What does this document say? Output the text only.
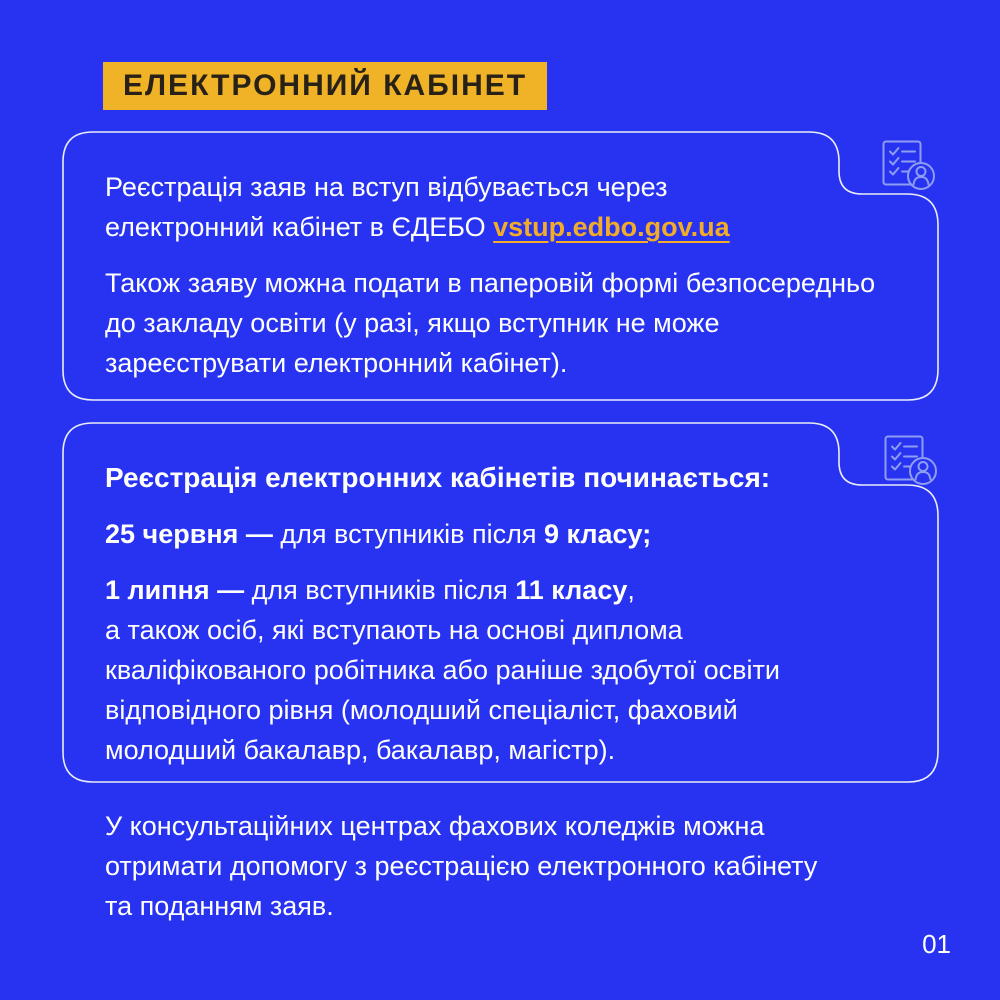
ЕЛЕКТРОННИЙ КАБІНЕТ

Реєстрація заяв на вступ відбувається через електронний кабінет в ЄДЕБО vstup.edbo.gov.ua

Також заяву можна подати в паперовій формі безпосередньо до закладу освіти (у разі, якщо вступник не може зареєструвати електронний кабінет).

Реєстрація електронних кабінетів починається:

25 червня — для вступників після 9 класу;

1 липня — для вступників після 11 класу,
а також осіб, які вступають на основі диплома кваліфікованого робітника або раніше здобутої освіти відповідного рівня (молодший спеціаліст, фаховий молодший бакалавр, бакалавр, магістр).

У консультаційних центрах фахових коледжів можна отримати допомогу з реєстрацією електронного кабінету та поданням заяв.

01
